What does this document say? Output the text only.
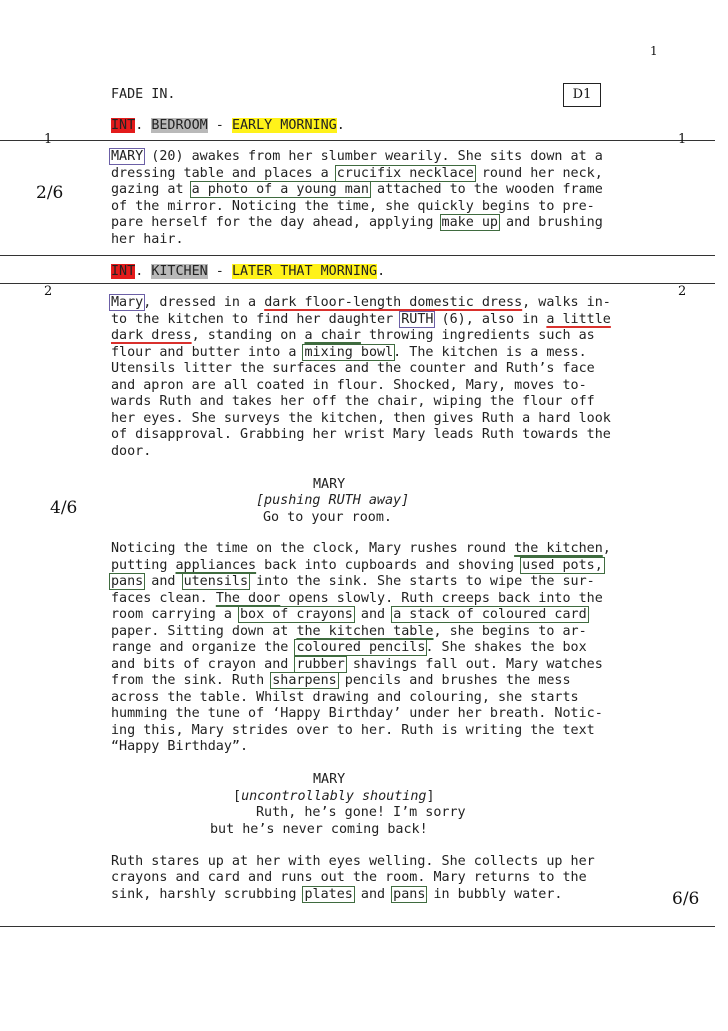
1
D1
1	1
2	2
2/6
4/6
6/6
FADE IN.
INT. BEDROOM - EARLY MORNING.
MARY (20) awakes from her slumber wearily. She sits down at a
dressing table and places a crucifix necklace round her neck,
gazing at a photo of a young man attached to the wooden frame
of the mirror. Noticing the time, she quickly begins to pre-
pare herself for the day ahead, applying make up and brushing
her hair.
INT. KITCHEN - LATER THAT MORNING.
Mary, dressed in a dark floor-length domestic dress, walks in-
to the kitchen to find her daughter RUTH (6), also in a little
dark dress, standing on a chair throwing ingredients such as
flour and butter into a mixing bowl. The kitchen is a mess.
Utensils litter the surfaces and the counter and Ruth’s face
and apron are all coated in flour. Shocked, Mary, moves to-
wards Ruth and takes her off the chair, wiping the flour off
her eyes. She surveys the kitchen, then gives Ruth a hard look
of disapproval. Grabbing her wrist Mary leads Ruth towards the
door.
MARY
[pushing RUTH away]
Go to your room.
Noticing the time on the clock, Mary rushes round the kitchen,
putting appliances back into cupboards and shoving used pots,
pans and utensils into the sink. She starts to wipe the sur-
faces clean. The door opens slowly. Ruth creeps back into the
room carrying a box of crayons and a stack of coloured card
paper. Sitting down at the kitchen table, she begins to ar-
range and organize the coloured pencils. She shakes the box
and bits of crayon and rubber shavings fall out. Mary watches
from the sink. Ruth sharpens pencils and brushes the mess
across the table. Whilst drawing and colouring, she starts
humming the tune of ‘Happy Birthday’ under her breath. Notic-
ing this, Mary strides over to her. Ruth is writing the text
“Happy Birthday”.
MARY
[uncontrollably shouting]
Ruth, he’s gone! I’m sorry
but he’s never coming back!
Ruth stares up at her with eyes welling. She collects up her
crayons and card and runs out the room. Mary returns to the
sink, harshly scrubbing plates and pans in bubbly water.
